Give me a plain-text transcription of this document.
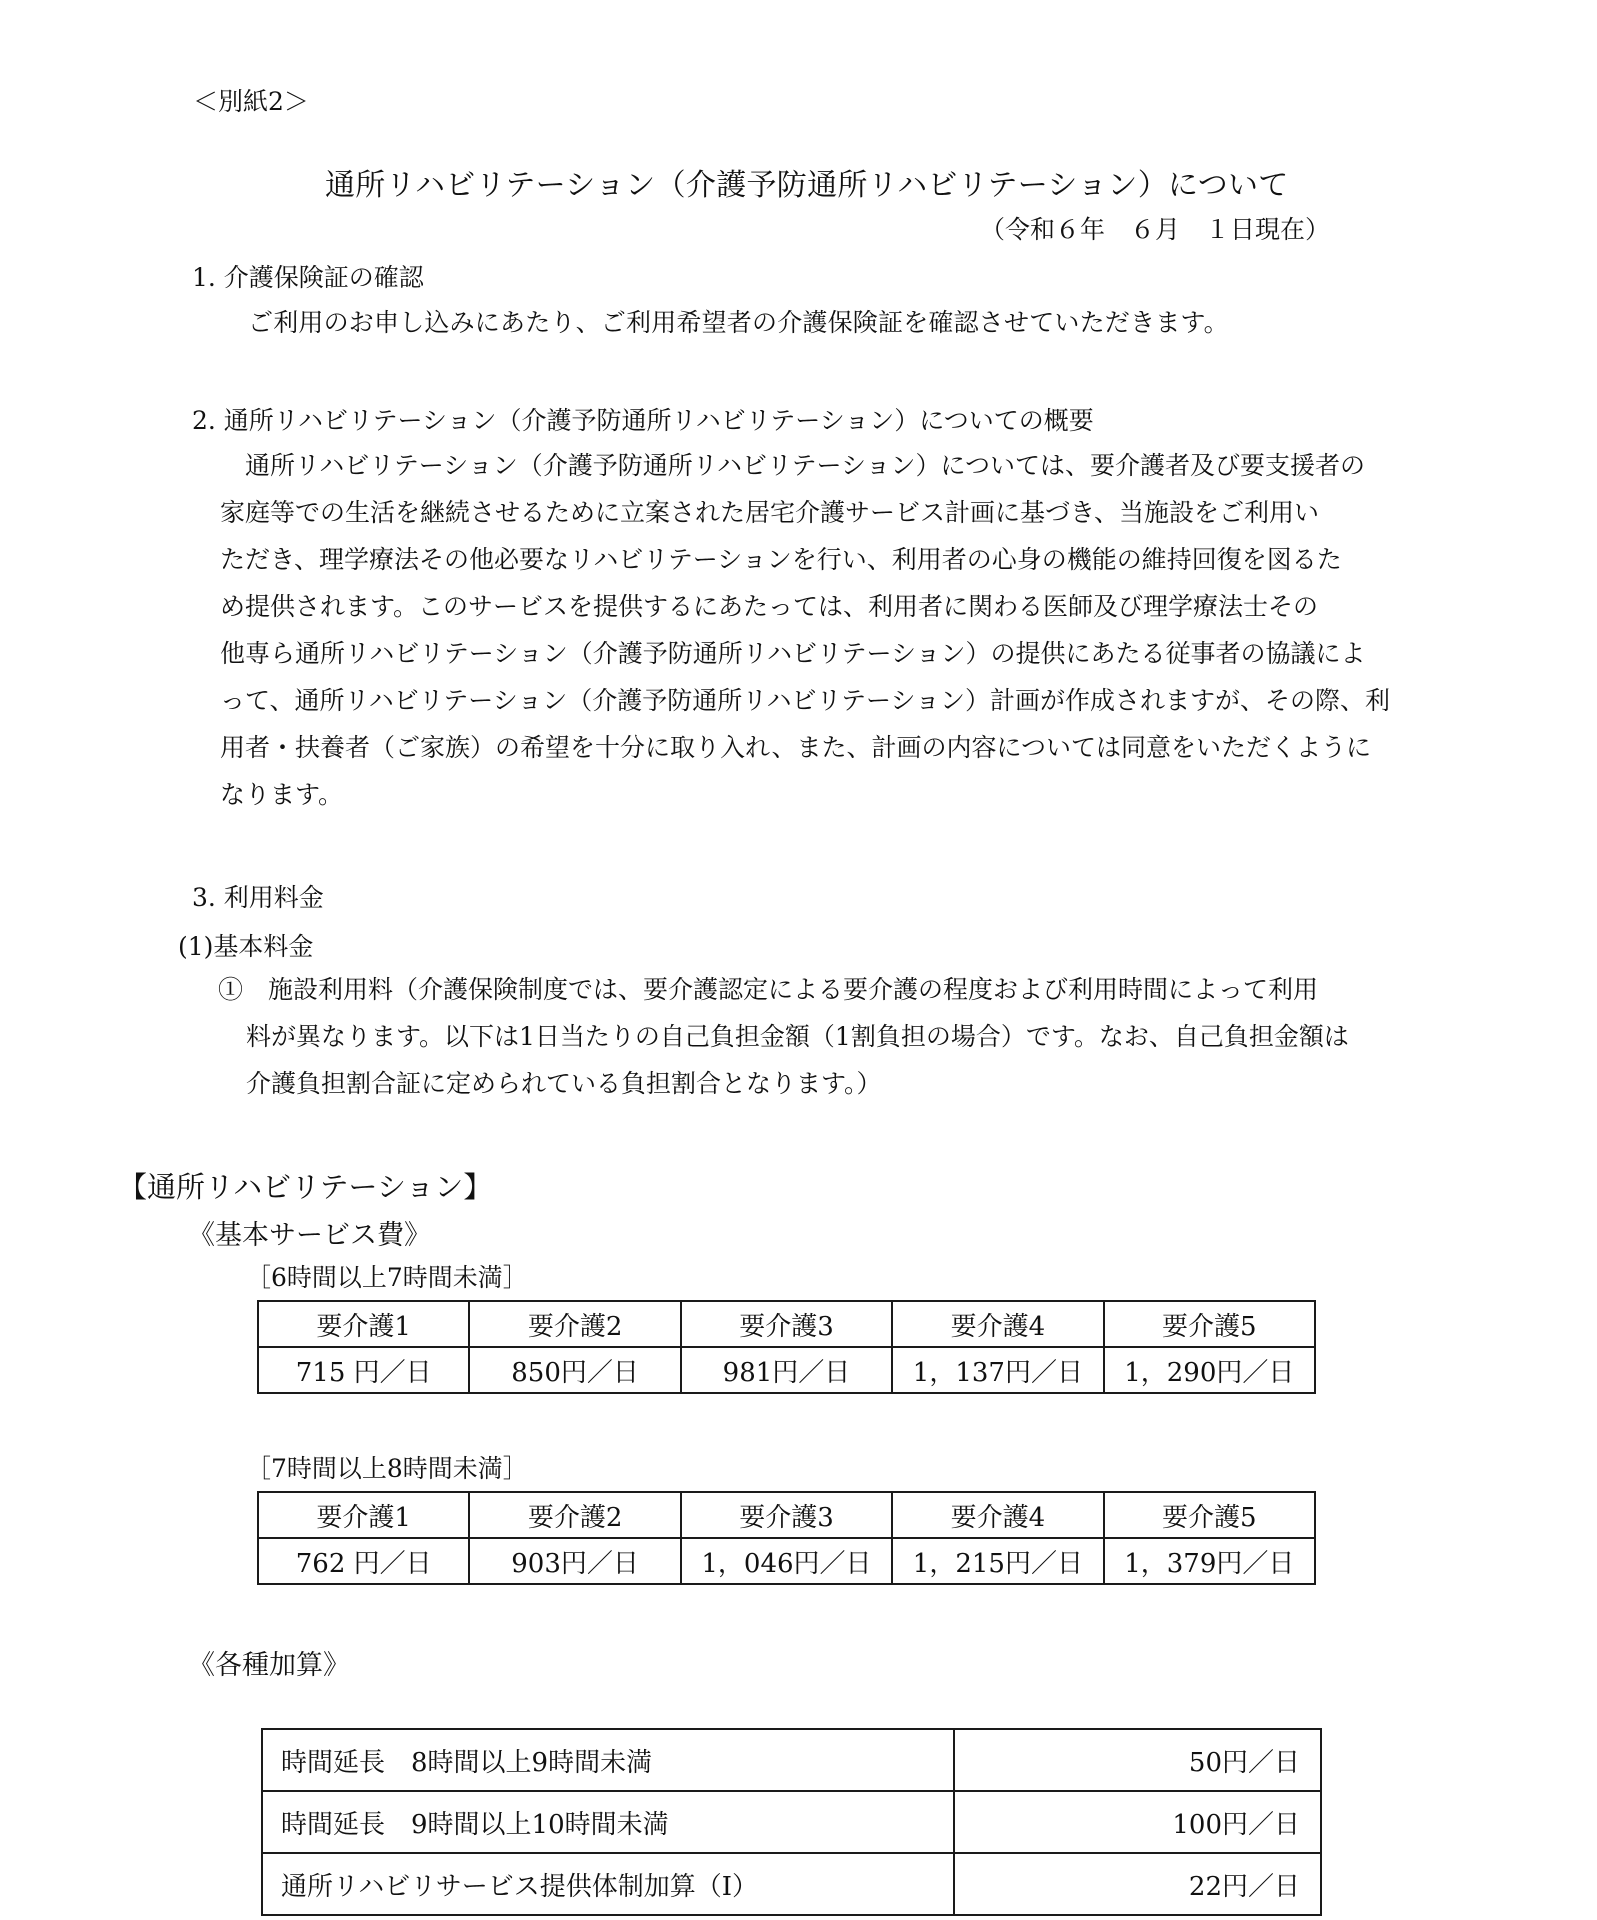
＜別紙2＞
通所リハビリテーション（介護予防通所リハビリテーション）について
（令和６年　６月　１日現在）
1. 介護保険証の確認
ご利用のお申し込みにあたり、ご利用希望者の介護保険証を確認させていただきます。
2. 通所リハビリテーション（介護予防通所リハビリテーション）についての概要
　通所リハビリテーション（介護予防通所リハビリテーション）については、要介護者及び要支援者の
家庭等での生活を継続させるために立案された居宅介護サービス計画に基づき、当施設をご利用い
ただき、理学療法その他必要なリハビリテーションを行い、利用者の心身の機能の維持回復を図るた
め提供されます。このサービスを提供するにあたっては、利用者に関わる医師及び理学療法士その
他専ら通所リハビリテーション（介護予防通所リハビリテーション）の提供にあたる従事者の協議によ
って、通所リハビリテーション（介護予防通所リハビリテーション）計画が作成されますが、その際、利
用者・扶養者（ご家族）の希望を十分に取り入れ、また、計画の内容については同意をいただくように
なります。
3. 利用料金
(1)基本料金
①　施設利用料（介護保険制度では、要介護認定による要介護の程度および利用時間によって利用
料が異なります。以下は1日当たりの自己負担金額（1割負担の場合）です。なお、自己負担金額は
介護負担割合証に定められている負担割合となります。）
【通所リハビリテーション】
《基本サービス費》
［6時間以上7時間未満］
要介護1	要介護2	要介護3	要介護4	要介護5
715 円／日	850円／日	981円／日	1，137円／日	1，290円／日
［7時間以上8時間未満］
要介護1	要介護2	要介護3	要介護4	要介護5
762 円／日	903円／日	1，046円／日	1，215円／日	1，379円／日
《各種加算》
時間延長　8時間以上9時間未満	50円／日
時間延長　9時間以上10時間未満	100円／日
通所リハビリサービス提供体制加算（Ⅰ）	22円／日
